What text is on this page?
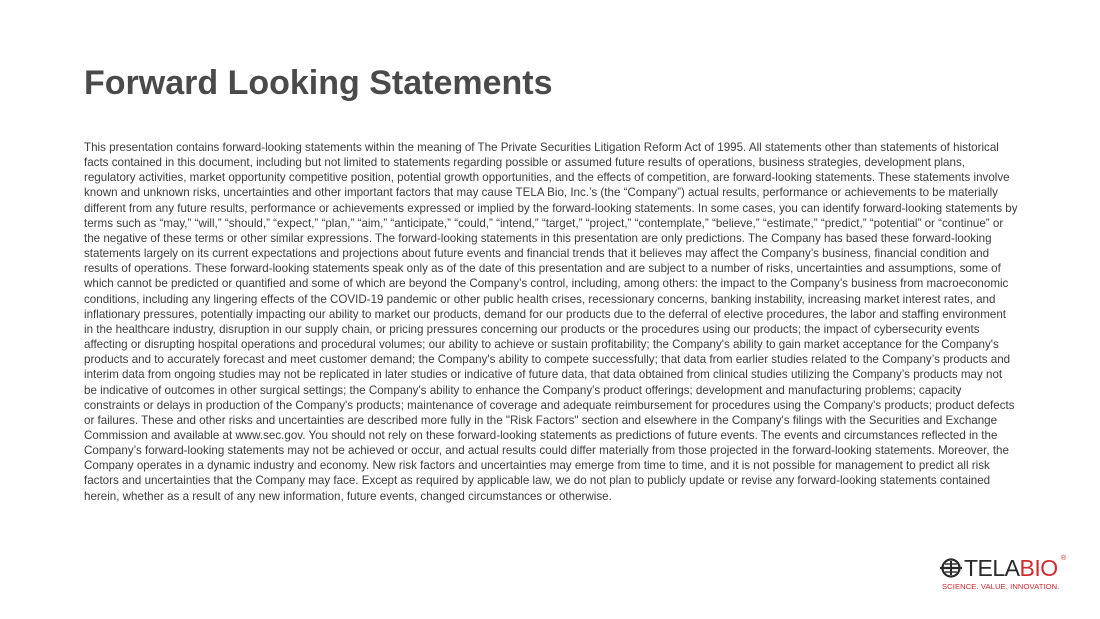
Forward Looking Statements

This presentation contains forward-looking statements within the meaning of The Private Securities Litigation Reform Act of 1995. All statements other than statements of historical facts contained in this document, including but not limited to statements regarding possible or assumed future results of operations, business strategies, development plans, regulatory activities, market opportunity competitive position, potential growth opportunities, and the effects of competition, are forward-looking statements. These statements involve known and unknown risks, uncertainties and other important factors that may cause TELA Bio, Inc.’s (the “Company”) actual results, performance or achievements to be materially different from any future results, performance or achievements expressed or implied by the forward-looking statements. In some cases, you can identify forward-looking statements by terms such as “may,” “will,” “should,” “expect,” “plan,” “aim,” “anticipate,” “could,” “intend,” “target,” “project,” “contemplate,” “believe,” “estimate,” “predict,” “potential” or “continue” or the negative of these terms or other similar expressions. The forward-looking statements in this presentation are only predictions. The Company has based these forward-looking statements largely on its current expectations and projections about future events and financial trends that it believes may affect the Company’s business, financial condition and results of operations. These forward-looking statements speak only as of the date of this presentation and are subject to a number of risks, uncertainties and assumptions, some of which cannot be predicted or quantified and some of which are beyond the Company’s control, including, among others: the impact to the Company’s business from macroeconomic conditions, including any lingering effects of the COVID-19 pandemic or other public health crises, recessionary concerns, banking instability, increasing market interest rates, and inflationary pressures, potentially impacting our ability to market our products, demand for our products due to the deferral of elective procedures, the labor and staffing environment in the healthcare industry, disruption in our supply chain, or pricing pressures concerning our products or the procedures using our products; the impact of cybersecurity events affecting or disrupting hospital operations and procedural volumes; our ability to achieve or sustain profitability; the Company's ability to gain market acceptance for the Company's products and to accurately forecast and meet customer demand; the Company's ability to compete successfully; that data from earlier studies related to the Company’s products and interim data from ongoing studies may not be replicated in later studies or indicative of future data, that data obtained from clinical studies utilizing the Company’s products may not be indicative of outcomes in other surgical settings; the Company's ability to enhance the Company's product offerings; development and manufacturing problems; capacity constraints or delays in production of the Company's products; maintenance of coverage and adequate reimbursement for procedures using the Company's products; product defects or failures. These and other risks and uncertainties are described more fully in the "Risk Factors" section and elsewhere in the Company's filings with the Securities and Exchange Commission and available at www.sec.gov. You should not rely on these forward-looking statements as predictions of future events. The events and circumstances reflected in the Company’s forward-looking statements may not be achieved or occur, and actual results could differ materially from those projected in the forward-looking statements. Moreover, the Company operates in a dynamic industry and economy. New risk factors and uncertainties may emerge from time to time, and it is not possible for management to predict all risk factors and uncertainties that the Company may face. Except as required by applicable law, we do not plan to publicly update or revise any forward-looking statements contained herein, whether as a result of any new information, future events, changed circumstances or otherwise.

TELABIO ®
SCIENCE. VALUE. INNOVATION.
